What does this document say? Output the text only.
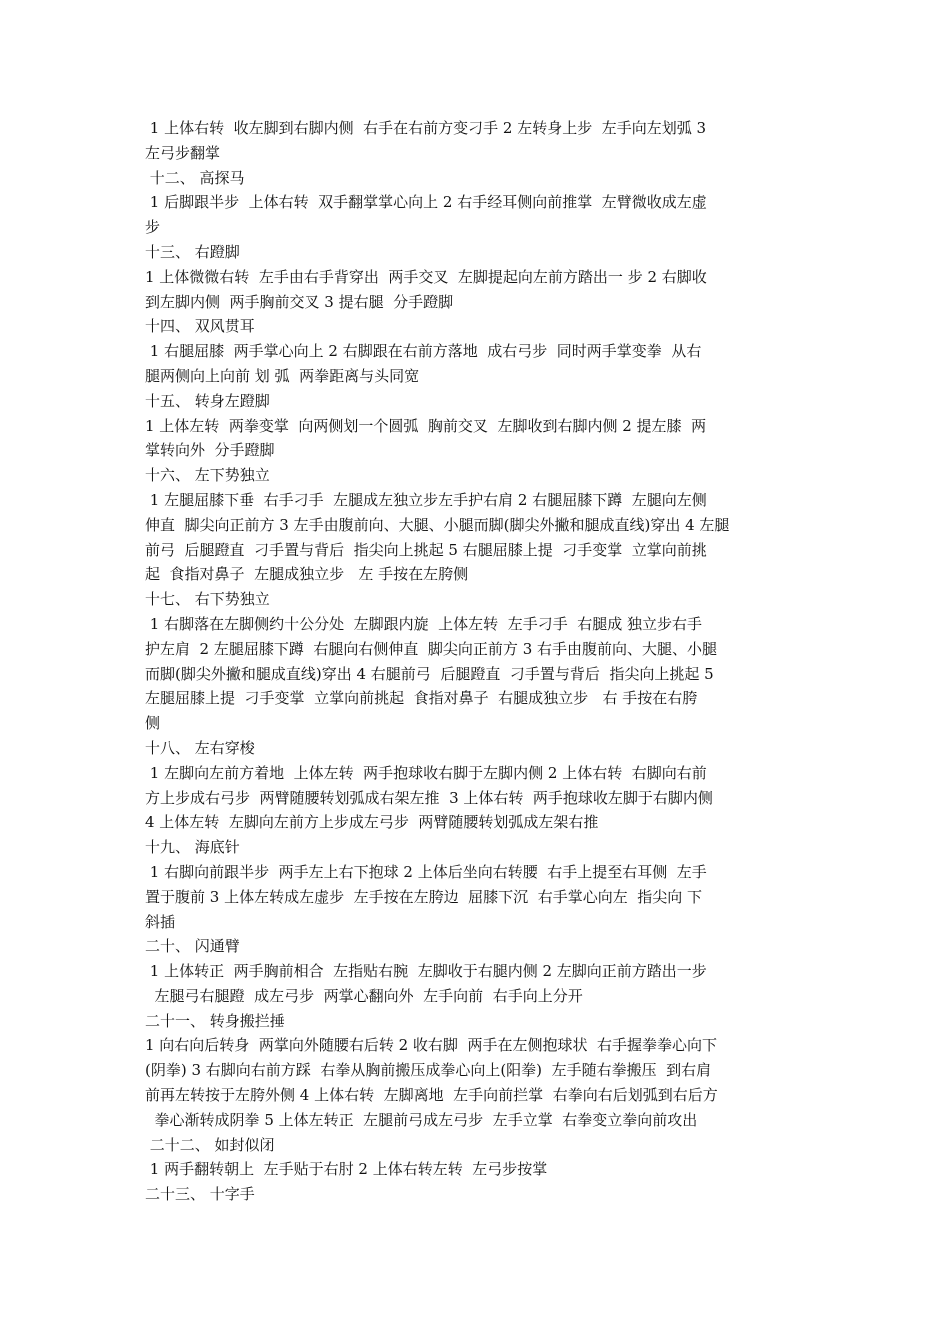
1 上体右转  收左脚到右脚内侧  右手在右前方变刁手 2 左转身上步  左手向左划弧 3
左弓步翻掌
十二、 高探马
1 后脚跟半步  上体右转  双手翻掌掌心向上 2 右手经耳侧向前推掌  左臂微收成左虚
步
十三、 右蹬脚
1 上体微微右转  左手由右手背穿出  两手交叉  左脚提起向左前方踏出一 步 2 右脚收
到左脚内侧  两手胸前交叉 3 提右腿  分手蹬脚
十四、 双风贯耳
1 右腿屈膝  两手掌心向上 2 右脚跟在右前方落地  成右弓步  同时两手掌变拳  从右
腿两侧向上向前 划 弧  两拳距离与头同宽
十五、 转身左蹬脚
1 上体左转  两拳变掌  向两侧划一个圆弧  胸前交叉  左脚收到右脚内侧 2 提左膝  两
掌转向外  分手蹬脚
十六、 左下势独立
1 左腿屈膝下垂  右手刁手  左腿成左独立步左手护右肩 2 右腿屈膝下蹲  左腿向左侧
伸直  脚尖向正前方 3 左手由腹前向、大腿、小腿而脚(脚尖外撇和腿成直线)穿出 4 左腿
前弓  后腿蹬直  刁手置与背后  指尖向上挑起 5 右腿屈膝上提  刁手变掌  立掌向前挑
起  食指对鼻子  左腿成独立步   左 手按在左胯侧
十七、 右下势独立
1 右脚落在左脚侧约十公分处  左脚跟内旋  上体左转  左手刁手  右腿成 独立步右手
护左肩  2 左腿屈膝下蹲  右腿向右侧伸直  脚尖向正前方 3 右手由腹前向、大腿、小腿
而脚(脚尖外撇和腿成直线)穿出 4 右腿前弓  后腿蹬直  刁手置与背后  指尖向上挑起 5
左腿屈膝上提  刁手变掌  立掌向前挑起  食指对鼻子  右腿成独立步   右 手按在右胯
侧
十八、 左右穿梭
1 左脚向左前方着地  上体左转  两手抱球收右脚于左脚内侧 2 上体右转  右脚向右前
方上步成右弓步  两臂随腰转划弧成右架左推  3 上体右转  两手抱球收左脚于右脚内侧
4 上体左转  左脚向左前方上步成左弓步  两臂随腰转划弧成左架右推
十九、 海底针
1 右脚向前跟半步  两手左上右下抱球 2 上体后坐向右转腰  右手上提至右耳侧  左手
置于腹前 3 上体左转成左虚步  左手按在左胯边  屈膝下沉  右手掌心向左  指尖向 下
斜插
二十、 闪通臂
1 上体转正  两手胸前相合  左指贴右腕  左脚收于右腿内侧 2 左脚向正前方踏出一步
左腿弓右腿蹬  成左弓步  两掌心翻向外  左手向前  右手向上分开
二十一、 转身搬拦捶
1 向右向后转身  两掌向外随腰右后转 2 收右脚  两手在左侧抱球状  右手握拳拳心向下
(阴拳) 3 右脚向右前方踩  右拳从胸前搬压成拳心向上(阳拳)  左手随右拳搬压  到右肩
前再左转按于左胯外侧 4 上体右转  左脚离地  左手向前拦掌  右拳向右后划弧到右后方
拳心渐转成阴拳 5 上体左转正  左腿前弓成左弓步  左手立掌  右拳变立拳向前攻出
二十二、 如封似闭
1 两手翻转朝上  左手贴于右肘 2 上体右转左转  左弓步按掌
二十三、 十字手
